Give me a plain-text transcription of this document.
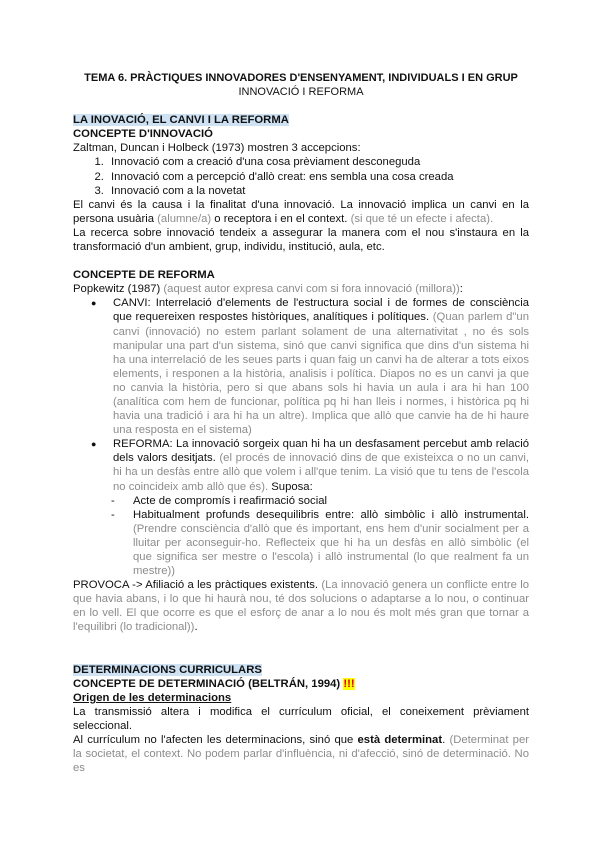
TEMA 6. PRÀCTIQUES INNOVADORES D'ENSENYAMENT, INDIVIDUALS I EN GRUP

INNOVACIÓ I REFORMA

LA INOVACIÓ, EL CANVI I LA REFORMA

CONCEPTE D'INNOVACIÓ

Zaltman, Duncan i Holbeck (1973) mostren 3 accepcions:

1. Innovació com a creació d'una cosa prèviament desconeguda
2. Innovació com a percepció d'allò creat: ens sembla una cosa creada
3. Innovació com a la novetat

El canvi és la causa i la finalitat d'una innovació. La innovació implica un canvi en la persona usuària (alumne/a) o receptora i en el context. (si que té un efecte i afecta).

La recerca sobre innovació tendeix a assegurar la manera com el nou s'instaura en la transformació d'un ambient, grup, individu, institució, aula, etc.

CONCEPTE DE REFORMA

Popkewitz (1987) (aquest autor expresa canvi com si fora innovació (millora)):

● CANVI: Interrelació d'elements de l'estructura social i de formes de consciència que requereixen respostes històriques, analítiques i polítiques. (Quan parlem d"un canvi (innovació) no estem parlant solament de una alternativitat , no és sols manipular una part d'un sistema, sinó que canvi significa que dins d'un sistema hi ha una interrelació de les seues parts i quan faig un canvi ha de alterar a tots eixos elements, i responen a la història, analisis i política. Diapos no es un canvi ja que no canvia la història, pero si que abans sols hi havia un aula i ara hi han 100 (analítica com hem de funcionar, política pq hi han lleis i normes, i històrica pq hi havia una tradició i ara hi ha un altre). Implica que allò que canvie ha de hi haure una resposta en el sistema)
● REFORMA: La innovació sorgeix quan hi ha un desfasament percebut amb relació dels valors desitjats. (el procés de innovació dins de que existeixca o no un canvi, hi ha un desfàs entre allò que volem i all'que tenim. La visió que tu tens de l'escola no coincideix amb allò que és). Suposa:
- Acte de compromís i reafirmació social
- Habitualment profunds desequilibris entre: allò simbòlic i allò instrumental. (Prendre consciència d'allò que és important, ens hem d'unir socialment per a lluitar per aconseguir-ho. Reflecteix que hi ha un desfàs en allò simbòlic (el que significa ser mestre o l'escola) i allò instrumental (lo que realment fa un mestre))

PROVOCA -> Afiliació a les pràctiques existents. (La innovació genera un conflicte entre lo que havia abans, i lo que hi haurà nou, té dos solucions o adaptarse a lo nou, o continuar en lo vell. El que ocorre es que el esforç de anar a lo nou és molt més gran que tornar a l'equilibri (lo tradicional)).

DETERMINACIONS CURRICULARS

CONCEPTE DE DETERMINACIÓ (BELTRÁN, 1994) !!!

Origen de les determinacions

La transmissió altera i modifica el currículum oficial, el coneixement prèviament seleccional.

Al currículum no l'afecten les determinacions, sinó que està determinat. (Determinat per la societat, el context. No podem parlar d'influència, ni d'afecció, sinó de determinació. No es
